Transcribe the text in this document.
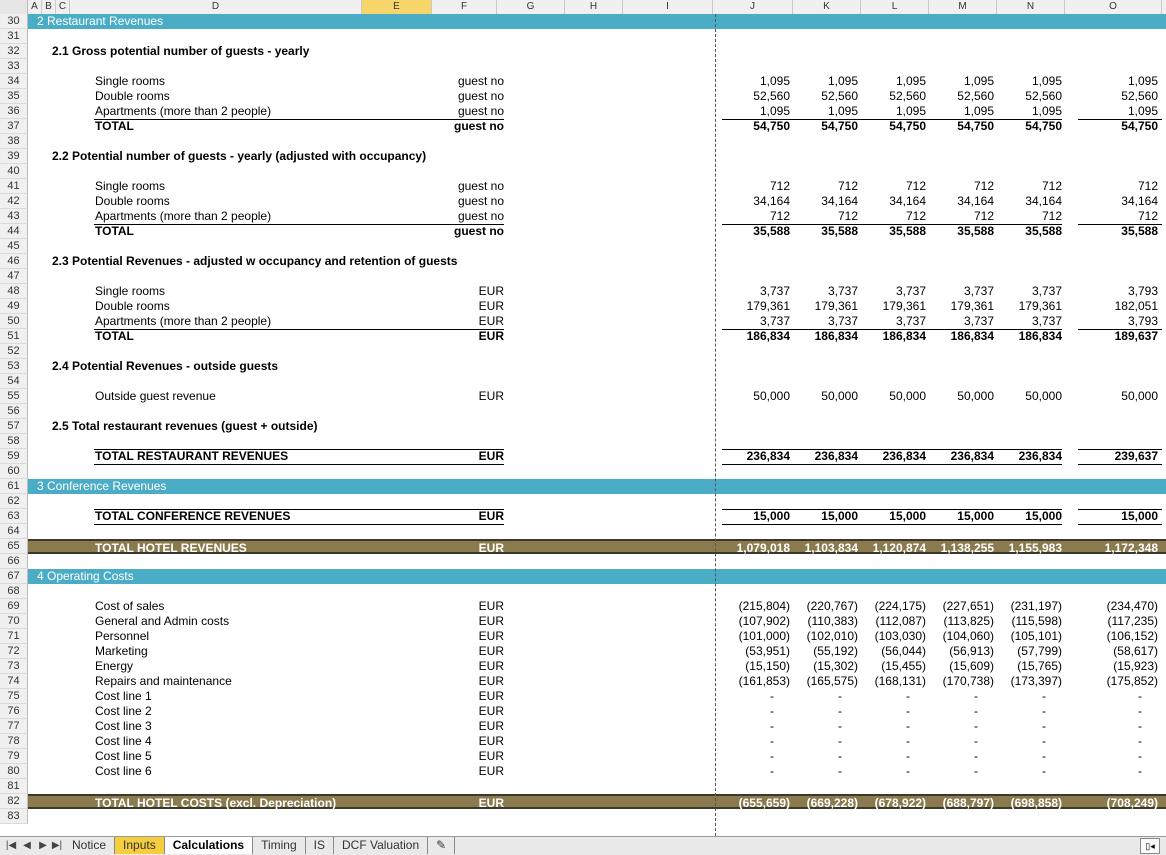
A B C	D	E	F	G	H	I	J	K	L	M	N	O
30	2 Restaurant Revenues
31
32	2.1 Gross potential number of guests - yearly
33
34	Single rooms	guest no	1,095	1,095	1,095	1,095	1,095	1,095
35	Double rooms	guest no	52,560	52,560	52,560	52,560	52,560	52,560
36	Apartments (more than 2 people)	guest no	1,095	1,095	1,095	1,095	1,095	1,095
37	TOTAL	guest no	54,750	54,750	54,750	54,750	54,750	54,750
38
39	2.2 Potential number of guests - yearly (adjusted with occupancy)
40
41	Single rooms	guest no	712	712	712	712	712	712
42	Double rooms	guest no	34,164	34,164	34,164	34,164	34,164	34,164
43	Apartments (more than 2 people)	guest no	712	712	712	712	712	712
44	TOTAL	guest no	35,588	35,588	35,588	35,588	35,588	35,588
45
46	2.3 Potential Revenues - adjusted w occupancy and retention of guests
47
48	Single rooms	EUR	3,737	3,737	3,737	3,737	3,737	3,793
49	Double rooms	EUR	179,361	179,361	179,361	179,361	179,361	182,051
50	Apartments (more than 2 people)	EUR	3,737	3,737	3,737	3,737	3,737	3,793
51	TOTAL	EUR	186,834	186,834	186,834	186,834	186,834	189,637
52
53	2.4 Potential Revenues - outside guests
54
55	Outside guest revenue	EUR	50,000	50,000	50,000	50,000	50,000	50,000
56
57	2.5 Total restaurant revenues (guest + outside)
58
59	TOTAL RESTAURANT REVENUES	EUR	236,834	236,834	236,834	236,834	236,834	239,637
60
61	3 Conference Revenues
62
63	TOTAL CONFERENCE REVENUES	EUR	15,000	15,000	15,000	15,000	15,000	15,000
64
65	TOTAL HOTEL REVENUES	EUR	1,079,018	1,103,834	1,120,874	1,138,255	1,155,983	1,172,348
66
67	4 Operating Costs
68
69	Cost of sales	EUR	(215,804)	(220,767)	(224,175)	(227,651)	(231,197)	(234,470)
70	General and Admin costs	EUR	(107,902)	(110,383)	(112,087)	(113,825)	(115,598)	(117,235)
71	Personnel	EUR	(101,000)	(102,010)	(103,030)	(104,060)	(105,101)	(106,152)
72	Marketing	EUR	(53,951)	(55,192)	(56,044)	(56,913)	(57,799)	(58,617)
73	Energy	EUR	(15,150)	(15,302)	(15,455)	(15,609)	(15,765)	(15,923)
74	Repairs and maintenance	EUR	(161,853)	(165,575)	(168,131)	(170,738)	(173,397)	(175,852)
75	Cost line 1	EUR	-	-	-	-	-	-
76	Cost line 2	EUR	-	-	-	-	-	-
77	Cost line 3	EUR	-	-	-	-	-	-
78	Cost line 4	EUR	-	-	-	-	-	-
79	Cost line 5	EUR	-	-	-	-	-	-
80	Cost line 6	EUR	-	-	-	-	-	-
81
82	TOTAL HOTEL COSTS (excl. Depreciation)	EUR	(655,659)	(669,228)	(678,922)	(688,797)	(698,858)	(708,249)
83
|◀ ◀ ▶ ▶| Notice	Inputs	Calculations	Timing	IS	DCF Valuation	✎	▯◂
